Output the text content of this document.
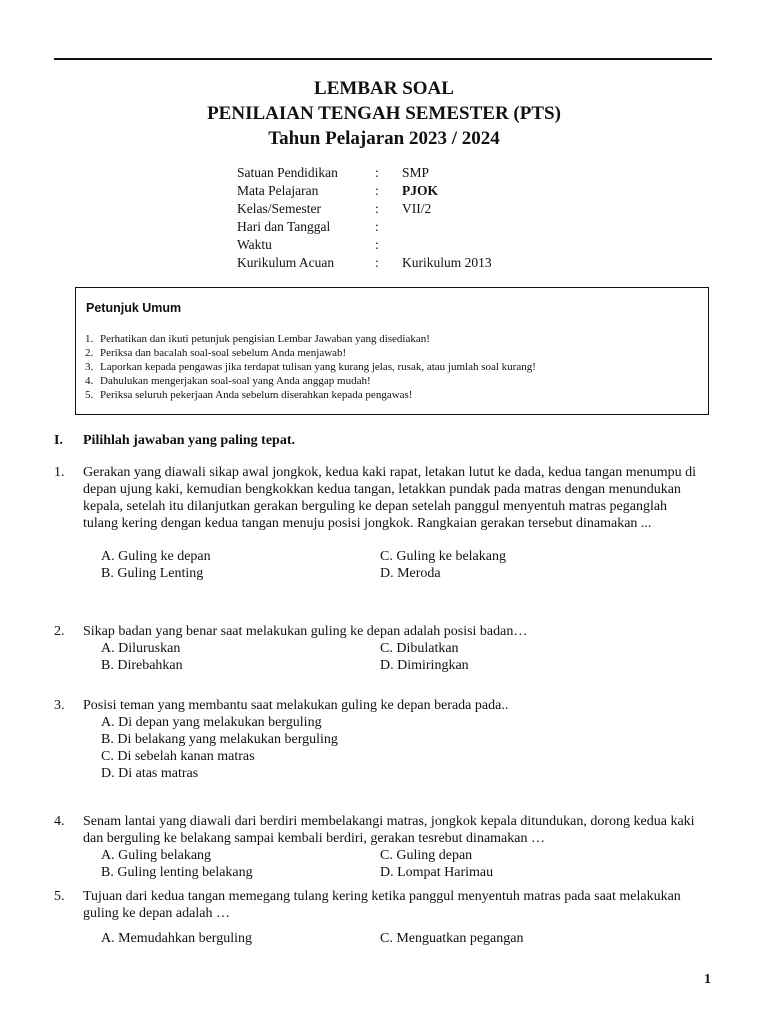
LEMBAR SOAL
PENILAIAN TENGAH SEMESTER (PTS)
Tahun Pelajaran 2023 / 2024
Satuan Pendidikan	: SMP
Mata Pelajaran	: PJOK
Kelas/Semester	: VII/2
Hari dan Tanggal	:
Waktu	:
Kurikulum Acuan	: Kurikulum 2013
Petunjuk Umum
1. Perhatikan dan ikuti petunjuk pengisian Lembar Jawaban yang disediakan!
2. Periksa dan bacalah soal-soal sebelum Anda menjawab!
3. Laporkan kepada pengawas jika terdapat tulisan yang kurang jelas, rusak, atau jumlah soal kurang!
4. Dahulukan mengerjakan soal-soal yang Anda anggap mudah!
5. Periksa seluruh pekerjaan Anda sebelum diserahkan kepada pengawas!
I. Pilihlah jawaban yang paling tepat.
1. Gerakan yang diawali sikap awal jongkok, kedua kaki rapat, letakan lutut ke dada, kedua tangan menumpu di depan ujung kaki, kemudian bengkokkan kedua tangan, letakkan pundak pada matras dengan menundukan kepala, setelah itu dilanjutkan gerakan berguling ke depan setelah panggul menyentuh matras peganglah tulang kering dengan kedua tangan menuju posisi jongkok. Rangkaian gerakan tersebut dinamakan ...
A. Guling ke depan	C. Guling ke belakang
B. Guling Lenting	D. Meroda
2. Sikap badan yang benar saat melakukan guling ke depan adalah posisi badan…
A. Diluruskan	C. Dibulatkan
B. Direbahkan	D. Dimiringkan
3. Posisi teman yang membantu saat melakukan guling ke depan berada pada..
A. Di depan yang melakukan berguling
B. Di belakang yang melakukan berguling
C. Di sebelah kanan matras
D. Di atas matras
4. Senam lantai yang diawali dari berdiri membelakangi matras, jongkok kepala ditundukan, dorong kedua kaki dan berguling ke belakang sampai kembali berdiri, gerakan tesrebut dinamakan …
A. Guling belakang	C. Guling depan
B. Guling lenting belakang	D. Lompat Harimau
5. Tujuan dari kedua tangan memegang tulang kering ketika panggul menyentuh matras pada saat melakukan guling ke depan adalah …
A. Memudahkan berguling	C. Menguatkan pegangan
1
